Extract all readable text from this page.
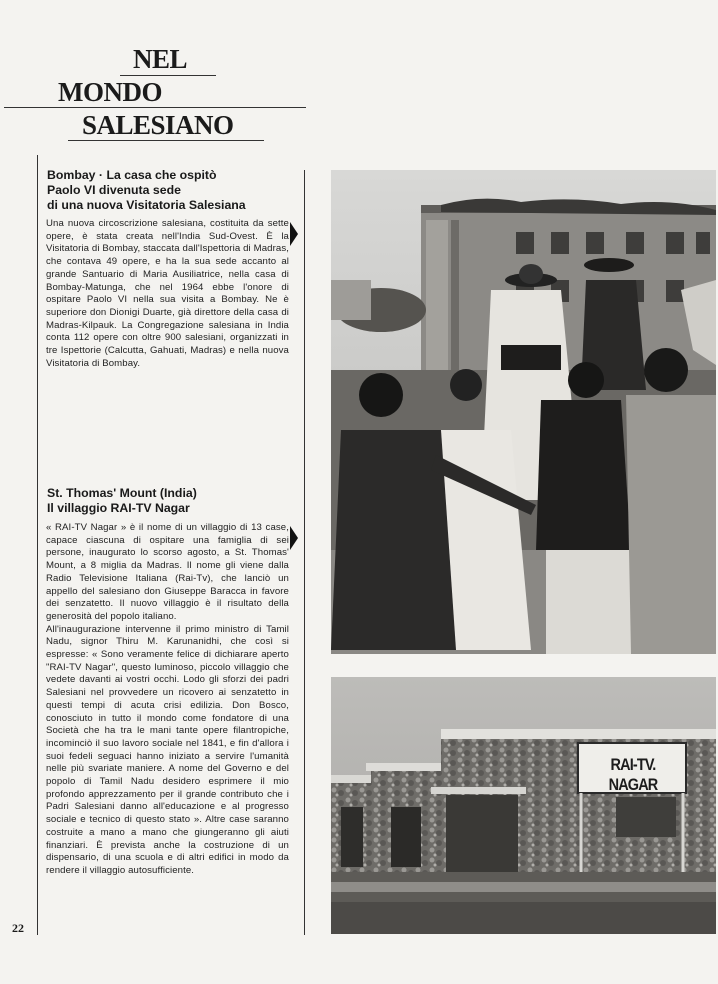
NEL
MONDO
SALESIANO
Bombay · La casa che ospitò
Paolo VI divenuta sede
di una nuova Visitatoria Salesiana
Una nuova circoscrizione salesiana, costituita da sette opere, è stata creata nell'India Sud-Ovest. È la Visitatoria di Bombay, staccata dall'Ispettoria di Madras, che contava 49 opere, e ha la sua sede accanto al grande Santuario di Maria Ausiliatrice, nella casa di Bombay-Matunga, che nel 1964 ebbe l'onore di ospitare Paolo VI nella sua visita a Bombay. Ne è superiore don Dionigi Duarte, già direttore della casa di Madras-Kilpauk. La Congregazione salesiana in India conta 112 opere con oltre 900 salesiani, organizzati in tre Ispettorie (Calcutta, Gahuati, Madras) e nella nuova Visitatoria di Bombay.
St. Thomas' Mount (India)
Il villaggio RAI-TV Nagar

« RAI-TV Nagar » è il nome di un villaggio di 13 case, capace ciascuna di ospitare una famiglia di sei persone, inaugurato lo scorso agosto, a St. Thomas' Mount, a 8 miglia da Madras. Il nome gli viene dalla Radio Televisione Italiana (Rai-Tv), che lanciò un appello del salesiano don Giuseppe Baracca in favore dei senzatetto. Il nuovo villaggio è il risultato della generosità del popolo italiano.

All'inaugurazione intervenne il primo ministro di Tamil Nadu, signor Thiru M. Karunanidhi, che così si espresse: « Sono veramente felice di dichiarare aperto "RAI-TV Nagar", questo luminoso, piccolo villaggio che vedete davanti ai vostri occhi. Lodo gli sforzi dei padri Salesiani nel provvedere un ricovero ai senzatetto in questi tempi di acuta crisi edilizia. Don Bosco, conosciuto in tutto il mondo come fondatore di una Società che ha tra le mani tante opere filantropiche, incominciò il suo lavoro sociale nel 1841, e fin d'allora i suoi fedeli seguaci hanno iniziato a servire l'umanità nelle più svariate maniere. A nome del Governo e del popolo di Tamil Nadu desidero esprimere il mio profondo apprezzamento per il grande contributo che i Padri Salesiani danno all'educazione e al progresso sociale e tecnico di questo stato ». Altre case saranno costruite a mano a mano che giungeranno gli aiuti finanziari. È prevista anche la costruzione di un dispensario, di una scuola e di altri edifici in modo da rendere il villaggio autosufficiente.

22
RAI-TV. NAGAR
